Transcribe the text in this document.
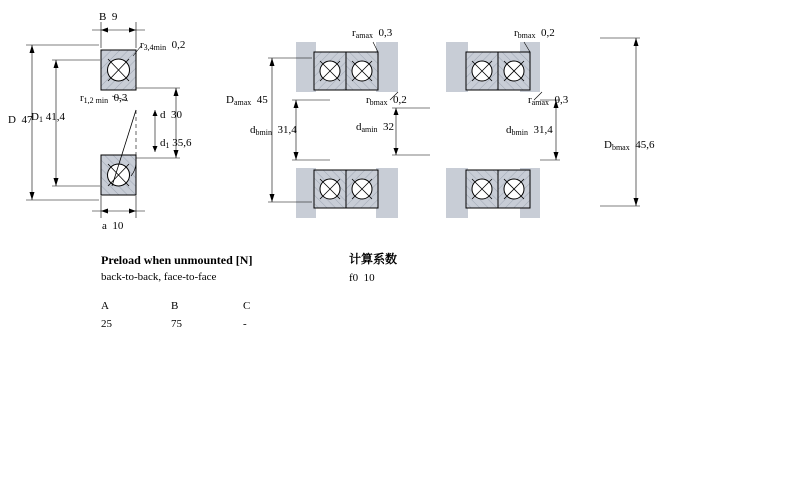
B 9
$r_{3,4min}$ 0,2
D 47
$D_1$ 41,4
$r_{1,2 min}$ 0,3
d 30
$d_1$ 35,6
a 10
$r_{amax}$ 0,3	$r_{bmax}$ 0,2
$D_{amax}$ 45	$r_{bmax}$ 0,2
$d_{bmin}$ 31,4	$d_{amin}$ 32
$r_{amax}$ 0,3
$d_{bmin}$ 31,4
$D_{bmax}$ 45,6
Preload when unmounted [N]
back-to-back, face-to-face
A	B	C
25	75	-
计算系数
f0 10
